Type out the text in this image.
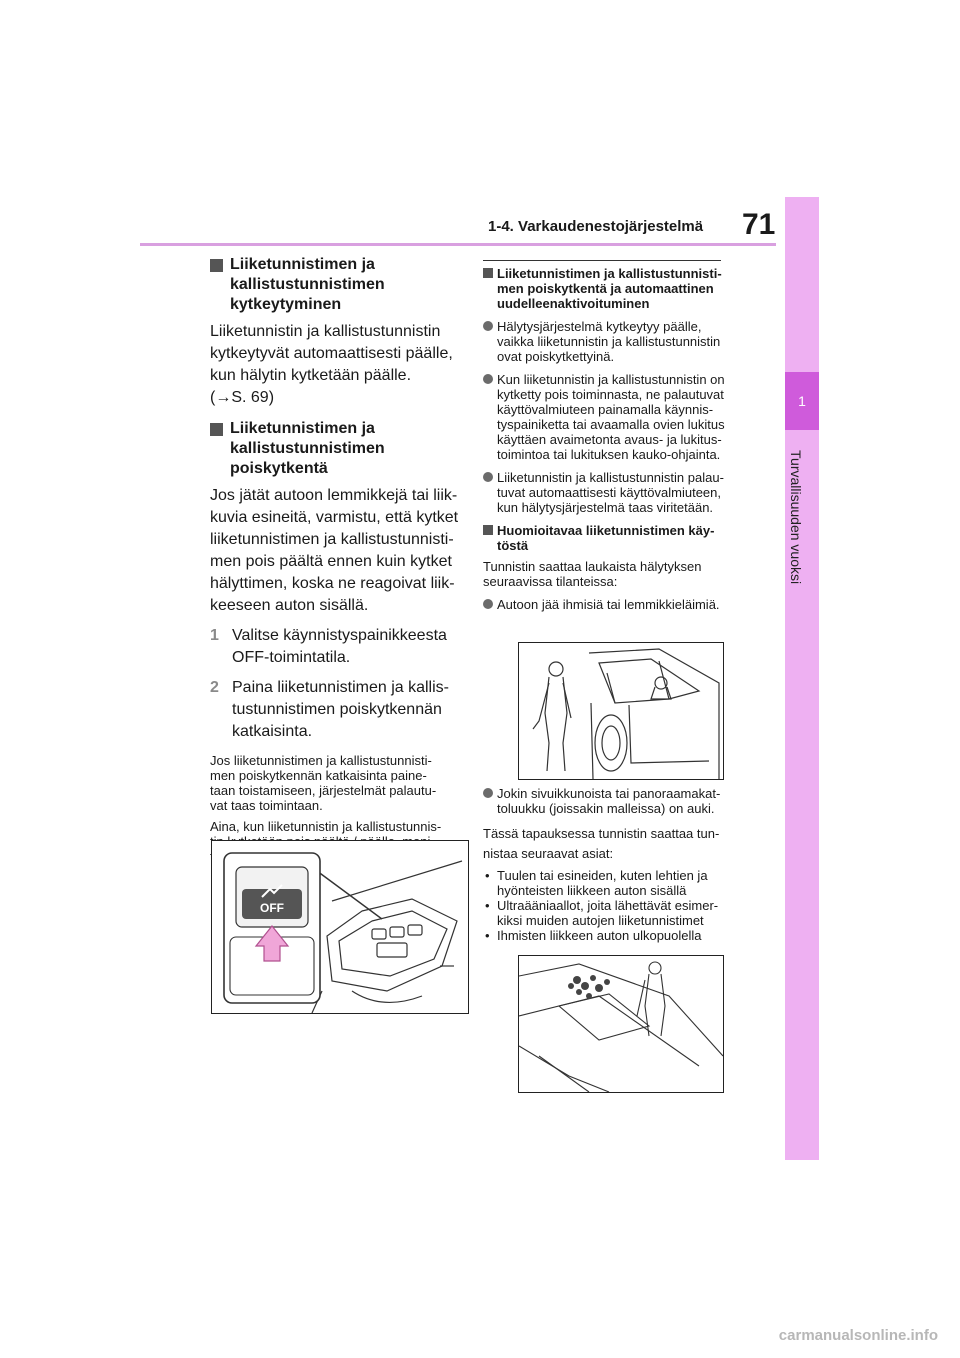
1-4. Varkaudenestojärjestelmä 71
1
Turvallisuuden vuoksi
Liiketunnistimen ja kallistustunnistimen kytkeytyminen

Liiketunnistin ja kallistustunnistin
kytkeytyvät automaattisesti päälle,
kun hälytin kytketään päälle.
(→S. 69)

Liiketunnistimen ja kallistustunnistimen poiskytkentä

Jos jätät autoon lemmikkejä tai liik-
kuvia esineitä, varmistu, että kytket
liiketunnistimen ja kallistustunnisti-
men pois päältä ennen kuin kytket
hälyttimen, koska ne reagoivat liik-
keeseen auton sisällä.

1 Valitse käynnistyspainikkeesta
OFF-toimintatila.
2 Paina liiketunnistimen ja kallis-
tustunnistimen poiskytkennän
katkaisinta.

Jos liiketunnistimen ja kallistustunnisti-
men poiskytkennän katkaisinta paine-
taan toistamiseen, järjestelmät palautu-
vat taas toimintaan.

Aina, kun liiketunnistin ja kallistustunnis-

OFF
Liiketunnistimen ja kallistustunnisti-
men poiskytkentä ja automaattinen
uudelleenaktivoituminen
Hälytysjärjestelmä kytkeytyy päälle,
vaikka liiketunnistin ja kallistustunnistin
ovat poiskytkettyinä.
Kun liiketunnistin ja kallistustunnistin on
kytketty pois toiminnasta, ne palautuvat
käyttövalmiuteen painamalla käynnis-
tyspainiketta tai avaamalla ovien lukitus
käyttäen avaimetonta avaus- ja lukitus-
toimintoa tai lukituksen kauko-ohjainta.
Liiketunnistin ja kallistustunnistin palau-
tuvat automaattisesti käyttövalmiuteen,
kun hälytysjärjestelmä taas viritetään.
Huomioitavaa liiketunnistimen käy-
töstä

Tunnistin saattaa laukaista hälytyksen
seuraavissa tilanteissa:

Autoon jää ihmisiä tai lemmikkieläimiä.
Jokin sivuikkunoista tai panoraamakat-
toluukku (joissakin malleissa) on auki.

Tässä tapauksessa tunnistin saattaa tun-
nistaa seuraavat asiat:

• Tuulen tai esineiden, kuten lehtien ja
hyönteisten liikkeen auton sisällä
• Ultraääniaallot, joita lähettävät esimer-
kiksi muiden autojen liiketunnistimet
• Ihmisten liikkeen auton ulkopuolella
carmanualsonline.info
